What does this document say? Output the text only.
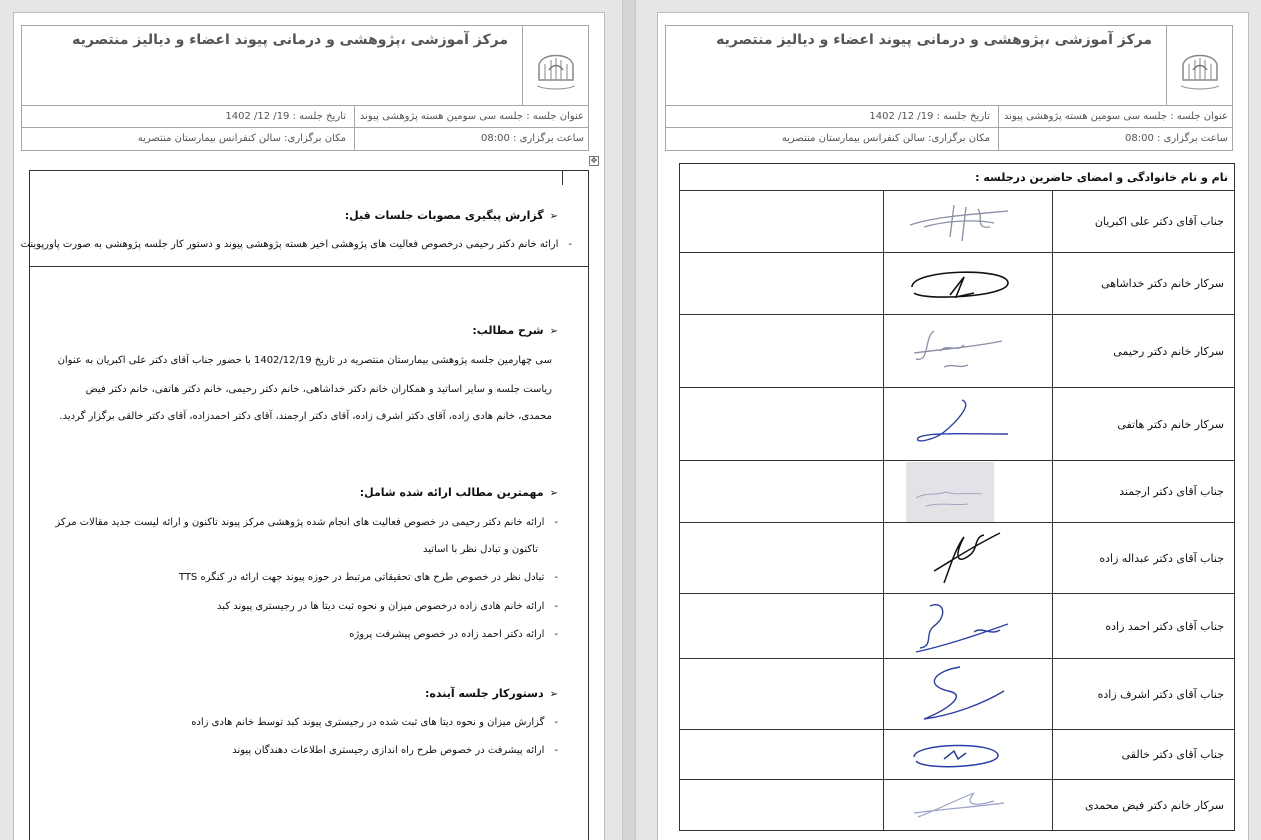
مرکز آموزشی ،پژوهشی و درمانی پیوند اعضاء و دیالیز منتصریه
عنوان جلسه : جلسه سی سومین هسته پژوهشی پیوند
تاریخ جلسه : 19/ 12/ 1402
ساعت برگزاری : 08:00
مکان برگزاری: سالن کنفرانس بیمارستان منتصریه
✥
➢گزارش پیگیری مصوبات جلسات قبل:
-ارائه خانم دکتر رحیمی درخصوص فعالیت های پژوهشی اخیر هسته پژوهشی پیوند و دستور کار جلسه پژوهشی به صورت پاورپوینت
➢شرح مطالب:
سی چهارمین جلسه پژوهشی بیمارستان منتصریه در تاریخ 1402/12/19 با حضور جناب آقای دکتر علی اکبریان به عنوان
ریاست جلسه و سایر اساتید و همکاران خانم دکتر خداشاهی، خانم دکتر رحیمی، خانم دکتر هاتفی، خانم دکتر فیض
محمدی، خانم هادی زاده، آقای دکتر اشرف زاده، آقای دکتر ارجمند، آقای دکتر احمدزاده، آقای دکتر خالقی برگزار گردید.
➢مهمترین مطالب ارائه شده شامل:
-ارائه خانم دکتر رحیمی در خصوص فعالیت های انجام شده پژوهشی مرکز پیوند تاکنون و ارائه لیست جدید مقالات مرکز
تاکنون و تبادل نظر با اساتید
-تبادل نظر در خصوص طرح های تحقیقاتی مرتبط در حوزه پیوند جهت ارائه در کنگره TTS
-ارائه خانم هادی زاده درخصوص میزان و نحوه ثبت دیتا ها در رجیستری پیوند کبد
-ارائه دکتر احمد زاده در خصوص پیشرفت پروژه
➢دستورکار جلسه آینده:
-گزارش میزان و نحوه دیتا های ثبت شده در رجیستری پیوند کبد توسط خانم هادی زاده
-ارائه پیشرفت در خصوص طرح راه اندازی رجیستری اطلاعات دهندگان پیوند
مرکز آموزشی ،پژوهشی و درمانی پیوند اعضاء و دیالیز منتصریه
عنوان جلسه : جلسه سی سومین هسته پژوهشی پیوند
تاریخ جلسه : 19/ 12/ 1402
ساعت برگزاری : 08:00
مکان برگزاری: سالن کنفرانس بیمارستان منتصریه
نام و نام خانوادگی و امضای حاضرین درجلسه :
جناب آقای دکتر علی اکبریان
سرکار خانم دکتر خداشاهی
سرکار خانم دکتر رحیمی
سرکار خانم دکتر هاتفی
جناب آقای دکتر ارجمند
جناب آقای دکتر عبداله زاده
جناب آقای دکتر احمد زاده
جناب آقای دکتر اشرف زاده
جناب آقای دکتر خالقی
سرکار خانم دکتر فیض محمدی
